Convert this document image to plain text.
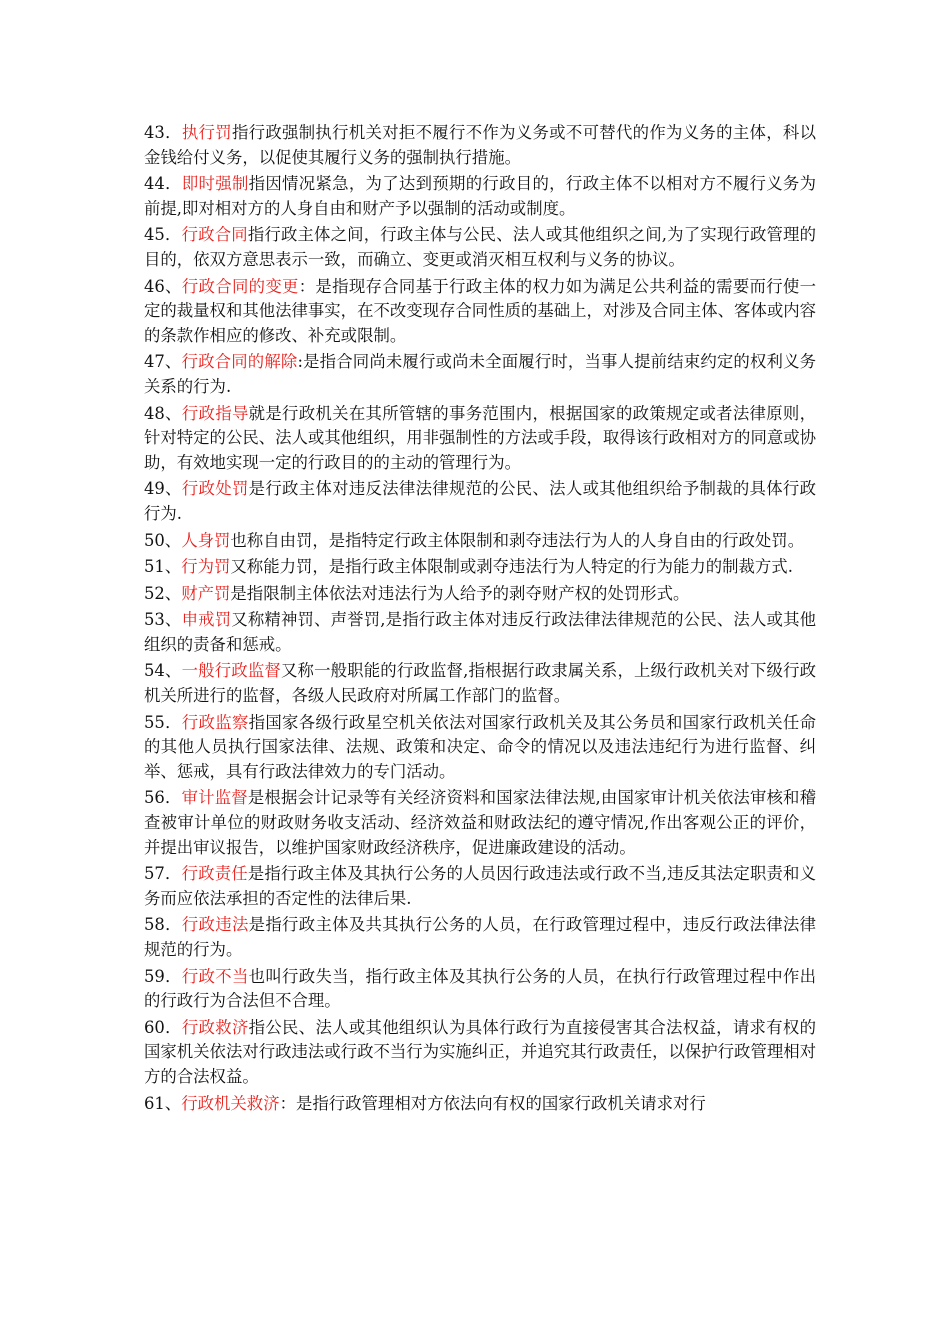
43．执行罚指行政强制执行机关对拒不履行不作为义务或不可替代的作为义务的主体，科以金钱给付义务，以促使其履行义务的强制执行措施。
44．即时强制指因情况紧急，为了达到预期的行政目的，行政主体不以相对方不履行义务为前提,即对相对方的人身自由和财产予以强制的活动或制度。
45．行政合同指行政主体之间，行政主体与公民、法人或其他组织之间,为了实现行政管理的目的，依双方意思表示一致，而确立、变更或消灭相互权利与义务的协议。
46、行政合同的变更：是指现存合同基于行政主体的权力如为满足公共利益的需要而行使一定的裁量权和其他法律事实，在不改变现存合同性质的基础上，对涉及合同主体、客体或内容的条款作相应的修改、补充或限制。
47、行政合同的解除:是指合同尚未履行或尚未全面履行时，当事人提前结束约定的权利义务关系的行为.
48、行政指导就是行政机关在其所管辖的事务范围内，根据国家的政策规定或者法律原则，针对特定的公民、法人或其他组织，用非强制性的方法或手段，取得该行政相对方的同意或协助，有效地实现一定的行政目的的主动的管理行为。
49、行政处罚是行政主体对违反法律法律规范的公民、法人或其他组织给予制裁的具体行政行为.
50、人身罚也称自由罚，是指特定行政主体限制和剥夺违法行为人的人身自由的行政处罚。
51、行为罚又称能力罚，是指行政主体限制或剥夺违法行为人特定的行为能力的制裁方式.
52、财产罚是指限制主体依法对违法行为人给予的剥夺财产权的处罚形式。
53、申戒罚又称精神罚、声誉罚,是指行政主体对违反行政法律法律规范的公民、法人或其他组织的责备和惩戒。
54、一般行政监督又称一般职能的行政监督,指根据行政隶属关系，上级行政机关对下级行政机关所进行的监督，各级人民政府对所属工作部门的监督。
55．行政监察指国家各级行政星空机关依法对国家行政机关及其公务员和国家行政机关任命的其他人员执行国家法律、法规、政策和决定、命令的情况以及违法违纪行为进行监督、纠举、惩戒，具有行政法律效力的专门活动。
56．审计监督是根据会计记录等有关经济资料和国家法律法规,由国家审计机关依法审核和稽查被审计单位的财政财务收支活动、经济效益和财政法纪的遵守情况,作出客观公正的评价，并提出审议报告，以维护国家财政经济秩序，促进廉政建设的活动。
57．行政责任是指行政主体及其执行公务的人员因行政违法或行政不当,违反其法定职责和义务而应依法承担的否定性的法律后果.
58．行政违法是指行政主体及共其执行公务的人员，在行政管理过程中，违反行政法律法律规范的行为。
59．行政不当也叫行政失当，指行政主体及其执行公务的人员，在执行行政管理过程中作出的行政行为合法但不合理。
60．行政救济指公民、法人或其他组织认为具体行政行为直接侵害其合法权益，请求有权的国家机关依法对行政违法或行政不当行为实施纠正，并追究其行政责任，以保护行政管理相对方的合法权益。
61、行政机关救济：是指行政管理相对方依法向有权的国家行政机关请求对行
